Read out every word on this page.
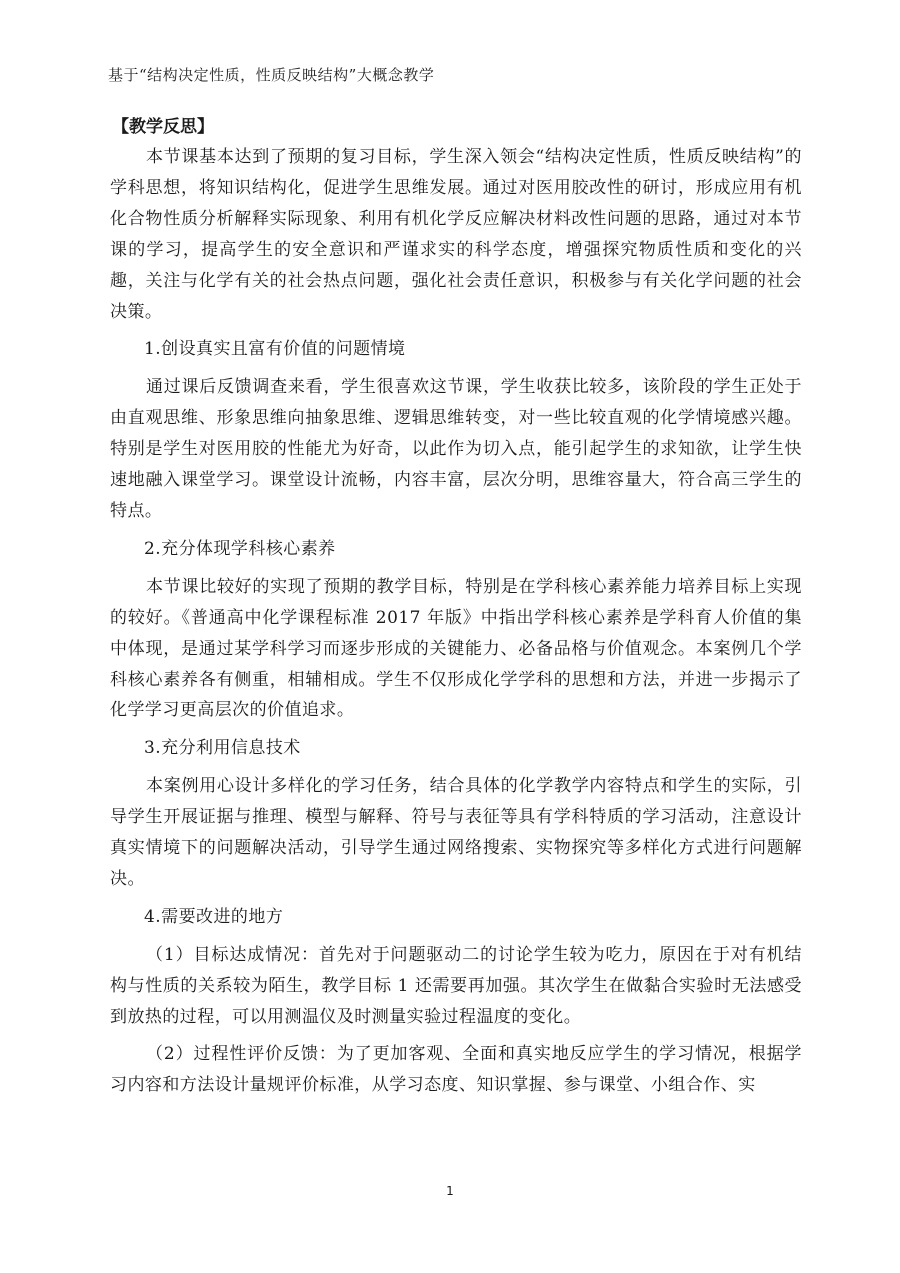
基于“结构决定性质，性质反映结构”大概念教学
【教学反思】

本节课基本达到了预期的复习目标，学生深入领会“结构决定性质，性质反映结构”的学科思想，将知识结构化，促进学生思维发展。通过对医用胶改性的研讨，形成应用有机化合物性质分析解释实际现象、利用有机化学反应解决材料改性问题的思路，通过对本节课的学习，提高学生的安全意识和严谨求实的科学态度，增强探究物质性质和变化的兴趣，关注与化学有关的社会热点问题，强化社会责任意识，积极参与有关化学问题的社会决策。

1.创设真实且富有价值的问题情境

通过课后反馈调查来看，学生很喜欢这节课，学生收获比较多，该阶段的学生正处于由直观思维、形象思维向抽象思维、逻辑思维转变，对一些比较直观的化学情境感兴趣。特别是学生对医用胶的性能尤为好奇，以此作为切入点，能引起学生的求知欲，让学生快速地融入课堂学习。课堂设计流畅，内容丰富，层次分明，思维容量大，符合高三学生的特点。

2.充分体现学科核心素养

本节课比较好的实现了预期的教学目标，特别是在学科核心素养能力培养目标上实现的较好。《普通高中化学课程标准 2017 年版》中指出学科核心素养是学科育人价值的集中体现，是通过某学科学习而逐步形成的关键能力、必备品格与价值观念。本案例几个学科核心素养各有侧重，相辅相成。学生不仅形成化学学科的思想和方法，并进一步揭示了化学学习更高层次的价值追求。

3.充分利用信息技术

本案例用心设计多样化的学习任务，结合具体的化学教学内容特点和学生的实际，引导学生开展证据与推理、模型与解释、符号与表征等具有学科特质的学习活动，注意设计真实情境下的问题解决活动，引导学生通过网络搜索、实物探究等多样化方式进行问题解决。

4.需要改进的地方

（1）目标达成情况：首先对于问题驱动二的讨论学生较为吃力，原因在于对有机结构与性质的关系较为陌生，教学目标 1 还需要再加强。其次学生在做黏合实验时无法感受到放热的过程，可以用测温仪及时测量实验过程温度的变化。

（2）过程性评价反馈：为了更加客观、全面和真实地反应学生的学习情况，根据学习内容和方法设计量规评价标准，从学习态度、知识掌握、参与课堂、小组合作、实

1
